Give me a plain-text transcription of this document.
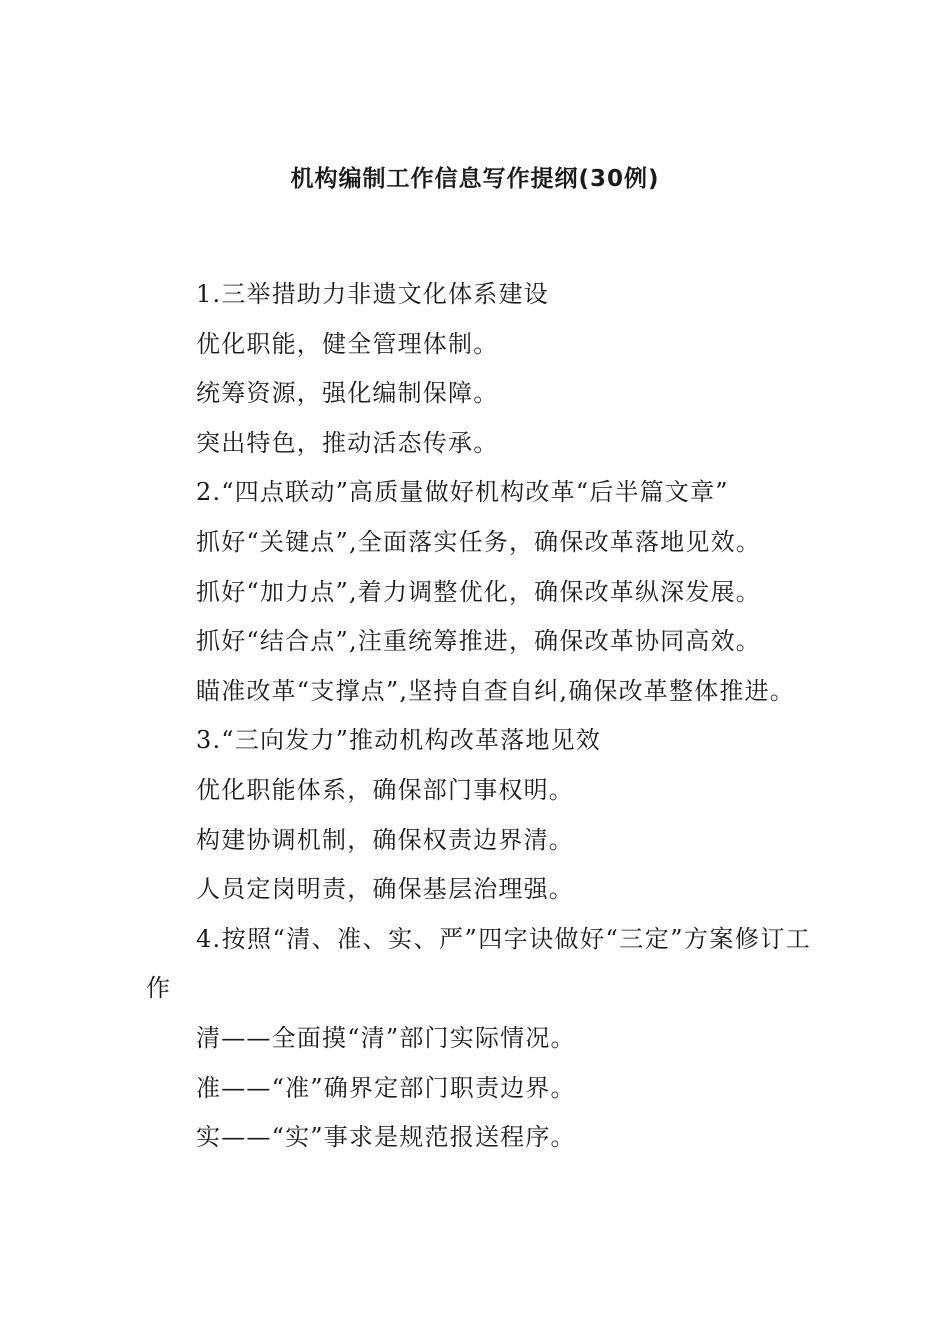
机构编制工作信息写作提纲(30例)

1.三举措助力非遗文化体系建设

优化职能，健全管理体制。

统筹资源，强化编制保障。

突出特色，推动活态传承。

2.“四点联动”高质量做好机构改革“后半篇文章”

抓好“关键点”,全面落实任务，确保改革落地见效。

抓好“加力点”,着力调整优化，确保改革纵深发展。

抓好“结合点”,注重统筹推进，确保改革协同高效。

瞄准改革“支撑点”,坚持自查自纠,确保改革整体推进。

3.“三向发力”推动机构改革落地见效

优化职能体系，确保部门事权明。

构建协调机制，确保权责边界清。

人员定岗明责，确保基层治理强。

4.按照“清、准、实、严”四字诀做好“三定”方案修订工作

清——全面摸“清”部门实际情况。

准——“准”确界定部门职责边界。

实——“实”事求是规范报送程序。
